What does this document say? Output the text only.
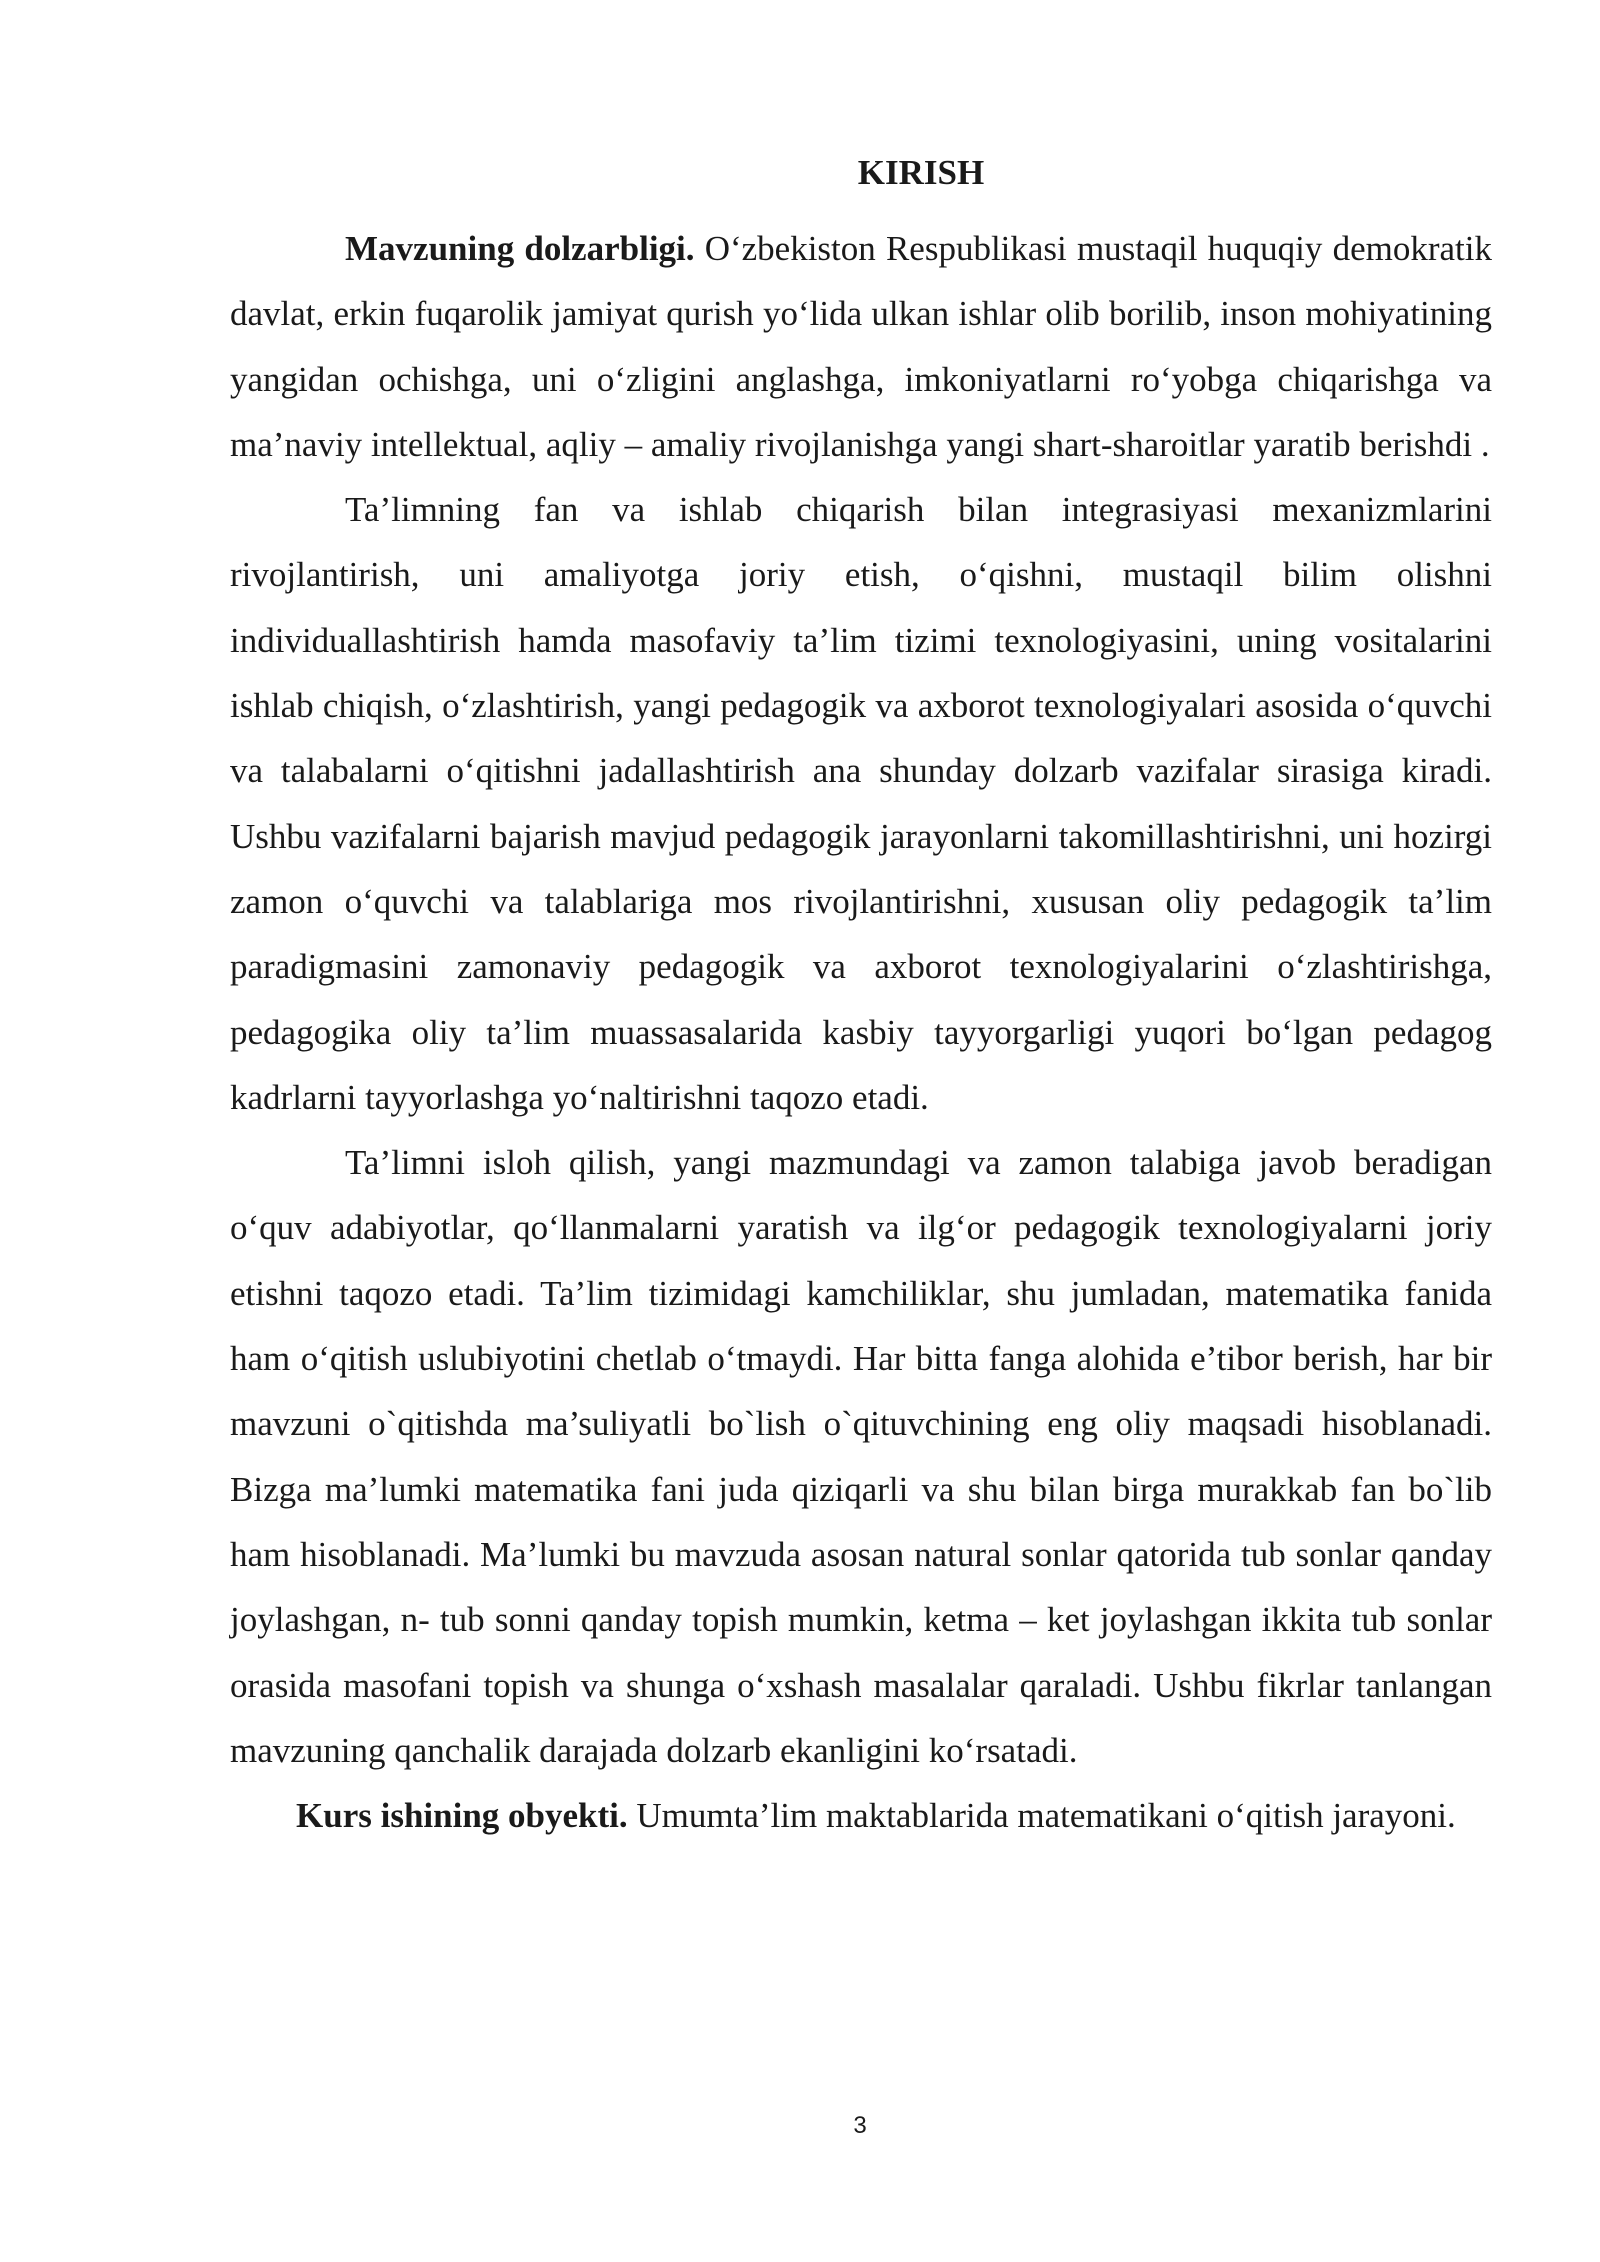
KIRISH

Mavzuning dolzarbligi. O‘zbekiston Respublikasi mustaqil huquqiy demokratik davlat, erkin fuqarolik jamiyat qurish yo‘lida ulkan ishlar olib borilib, inson mohiyatining yangidan ochishga, uni o‘zligini anglashga, imkoniyatlarni ro‘yobga chiqarishga va ma’naviy intellektual, aqliy – amaliy rivojlanishga yangi shart-sharoitlar yaratib berishdi .

Ta’limning fan va ishlab chiqarish bilan integrasiyasi mexanizmlarini rivojlantirish, uni amaliyotga joriy etish, o‘qishni, mustaqil bilim olishni individuallashtirish hamda masofaviy ta’lim tizimi texnologiyasini, uning vositalarini ishlab chiqish, o‘zlashtirish, yangi pedagogik va axborot texnologiyalari asosida o‘quvchi va talabalarni o‘qitishni jadallashtirish ana shunday dolzarb vazifalar sirasiga kiradi. Ushbu vazifalarni bajarish mavjud pedagogik jarayonlarni takomillashtirishni, uni hozirgi zamon o‘quvchi va talablariga mos rivojlantirishni, xususan oliy pedagogik ta’lim paradigmasini zamonaviy pedagogik va axborot texnologiyalarini o‘zlashtirishga, pedagogika oliy ta’lim muassasalarida kasbiy tayyorgarligi yuqori bo‘lgan pedagog kadrlarni tayyorlashga yo‘naltirishni taqozo etadi.

Ta’limni isloh qilish, yangi mazmundagi va zamon talabiga javob beradigan o‘quv adabiyotlar, qo‘llanmalarni yaratish va ilg‘or pedagogik texnologiyalarni joriy etishni taqozo etadi. Ta’lim tizimidagi kamchiliklar, shu jumladan, matematika fanida ham o‘qitish uslubiyotini chetlab o‘tmaydi. Har bitta fanga alohida e’tibor berish, har bir mavzuni o`qitishda ma’suliyatli bo`lish o`qituvchining eng oliy maqsadi hisoblanadi. Bizga ma’lumki matematika fani juda qiziqarli va shu bilan birga murakkab fan bo`lib ham hisoblanadi. Ma’lumki bu mavzuda asosan natural sonlar qatorida tub sonlar qanday joylashgan, n- tub sonni qanday topish mumkin, ketma – ket joylashgan ikkita tub sonlar orasida masofani topish va shunga o‘xshash masalalar qaraladi. Ushbu fikrlar tanlangan mavzuning qanchalik darajada dolzarb ekanligini ko‘rsatadi.

Kurs ishining obyekti. Umumta’lim maktablarida matematikani o‘qitish jarayoni.

3
